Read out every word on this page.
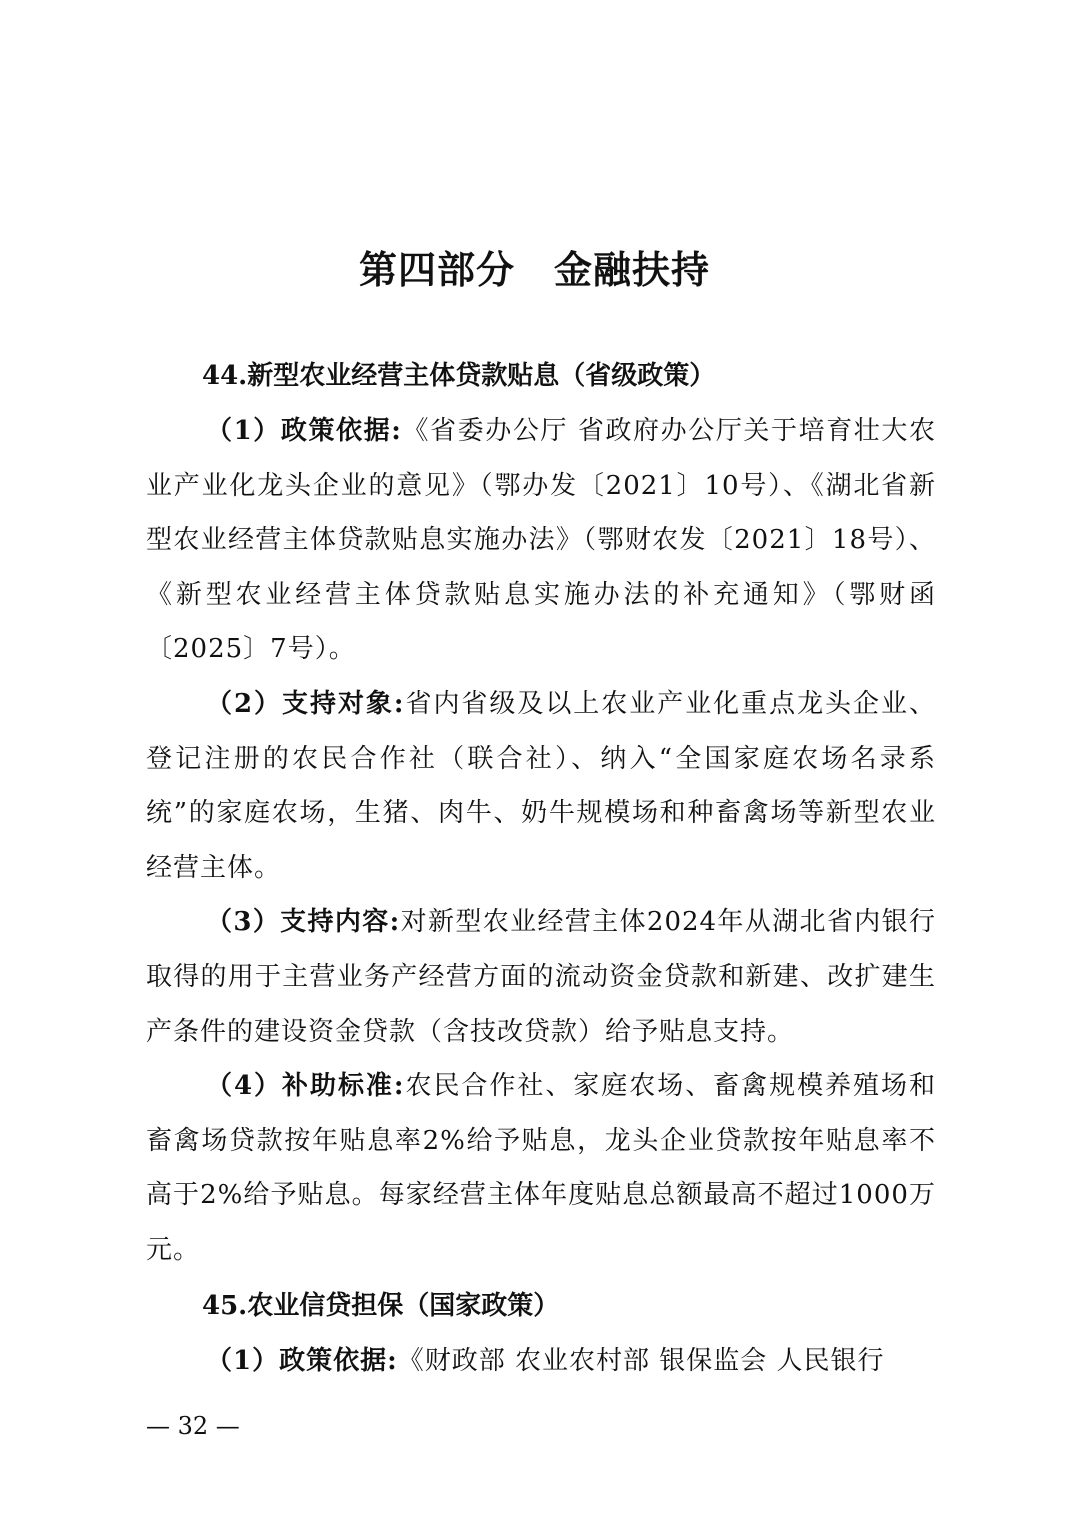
第四部分　金融扶持
44.新型农业经营主体贷款贴息（省级政策）

（1）政策依据:《省委办公厅 省政府办公厅关于培育壮大农业产业化龙头企业的意见》（鄂办发〔2021〕10号）、《湖北省新型农业经营主体贷款贴息实施办法》（鄂财农发〔2021〕18号）、《新型农业经营主体贷款贴息实施办法的补充通知》（鄂财函〔2025〕7号）。

（2）支持对象:省内省级及以上农业产业化重点龙头企业、登记注册的农民合作社（联合社）、纳入“全国家庭农场名录系统”的家庭农场，生猪、肉牛、奶牛规模场和种畜禽场等新型农业经营主体。

（3）支持内容:对新型农业经营主体2024年从湖北省内银行取得的用于主营业务产经营方面的流动资金贷款和新建、改扩建生产条件的建设资金贷款（含技改贷款）给予贴息支持。

（4）补助标准:农民合作社、家庭农场、畜禽规模养殖场和畜禽场贷款按年贴息率2%给予贴息，龙头企业贷款按年贴息率不高于2%给予贴息。每家经营主体年度贴息总额最高不超过1000万元。

45.农业信贷担保（国家政策）

（1）政策依据:《财政部 农业农村部 银保监会 人民银行

— 32 —
